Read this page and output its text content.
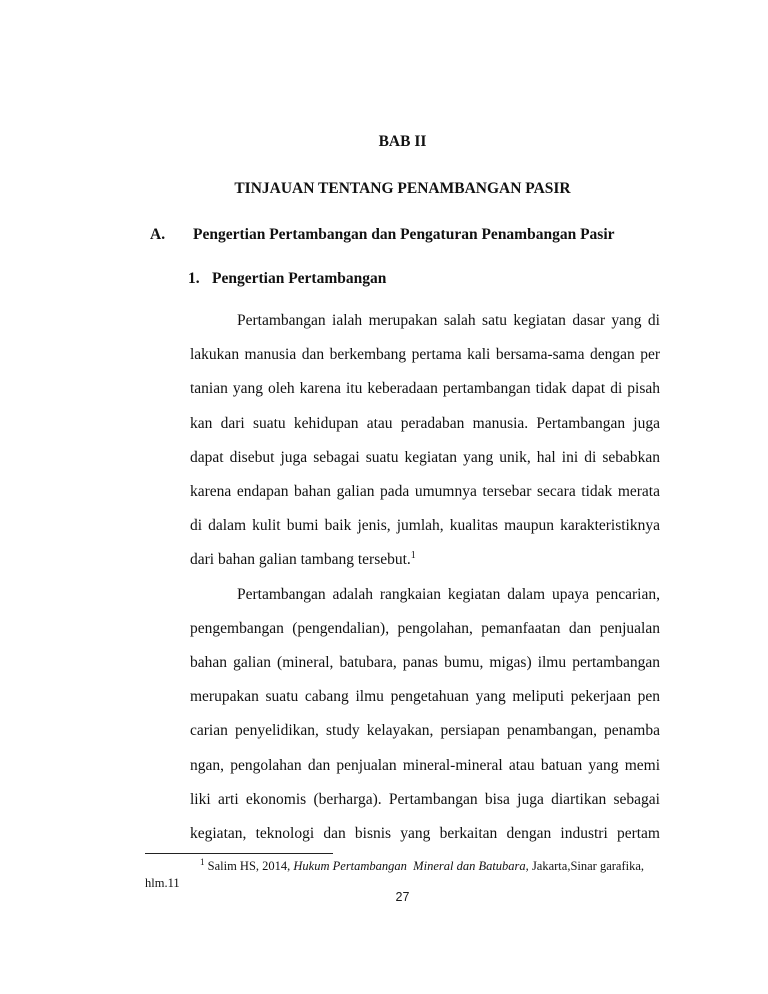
BAB II
TINJAUAN TENTANG PENAMBANGAN PASIR
A.	Pengertian Pertambangan dan Pengaturan Penambangan Pasir
1. Pengertian Pertambangan
Pertambangan ialah merupakan salah satu kegiatan dasar yang di
lakukan manusia dan berkembang pertama kali bersama-sama dengan per
tanian yang oleh karena itu keberadaan pertambangan tidak dapat di pisah
kan dari suatu kehidupan atau peradaban manusia. Pertambangan juga
dapat disebut juga sebagai suatu kegiatan yang unik, hal ini di sebabkan
karena endapan bahan galian pada umumnya tersebar secara tidak merata
di dalam kulit bumi baik jenis, jumlah, kualitas maupun karakteristiknya
dari bahan galian tambang tersebut.$^1$
Pertambangan adalah rangkaian kegiatan dalam upaya pencarian,
pengembangan (pengendalian), pengolahan, pemanfaatan dan penjualan
bahan galian (mineral, batubara, panas bumu, migas) ilmu pertambangan
merupakan suatu cabang ilmu pengetahuan yang meliputi pekerjaan pen
carian penyelidikan, study kelayakan, persiapan penambangan, penamba
ngan, pengolahan dan penjualan mineral-mineral atau batuan yang memi
liki arti ekonomis (berharga). Pertambangan bisa juga diartikan sebagai
kegiatan, teknologi dan bisnis yang berkaitan dengan industri pertam
$^1$ Salim HS, 2014, Hukum Pertambangan  Mineral dan Batubara, Jakarta,Sinar garafika,
hlm.11
27
